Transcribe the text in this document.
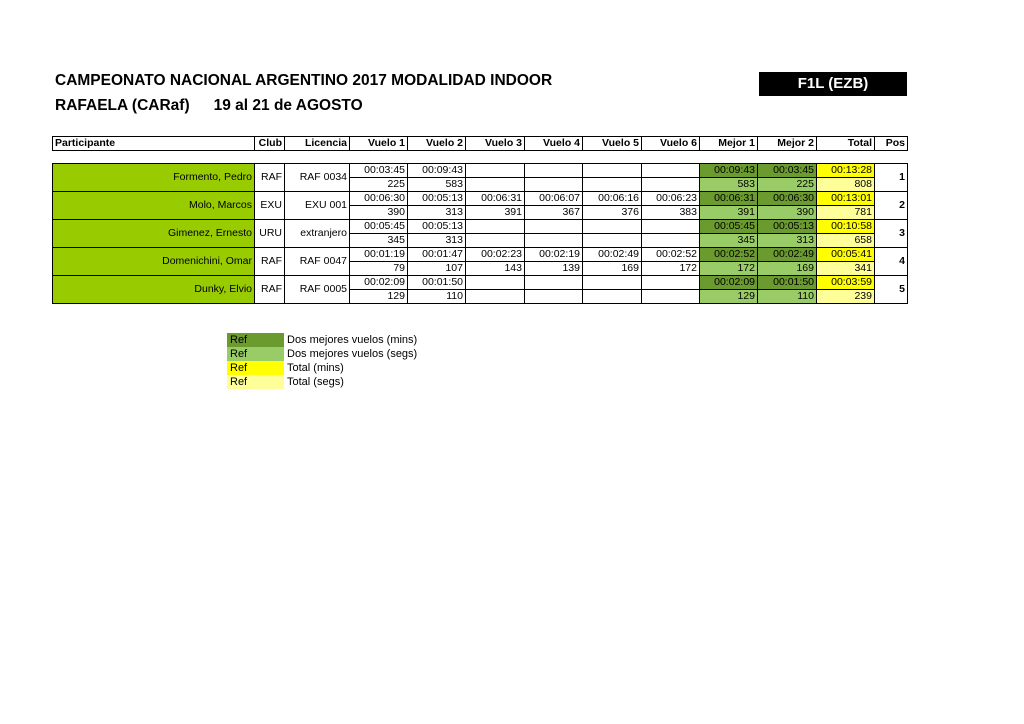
CAMPEONATO NACIONAL ARGENTINO 2017 MODALIDAD INDOOR
RAFAELA (CARaf) 19 al 21 de AGOSTO
F1L (EZB)
Participante	Club	Licencia	Vuelo 1	Vuelo 2	Vuelo 3	Vuelo 4	Vuelo 5	Vuelo 6	Mejor 1	Mejor 2	Total	Pos

Formento, Pedro	RAF	RAF 0034	00:03:45	00:09:43					00:09:43	00:03:45	00:13:28	1
			225	583					583	225	808	
Molo, Marcos	EXU	EXU 001	00:06:30	00:05:13	00:06:31	00:06:07	00:06:16	00:06:23	00:06:31	00:06:30	00:13:01	2
			390	313	391	367	376	383	391	390	781	
Gimenez, Ernesto	URU	extranjero	00:05:45	00:05:13					00:05:45	00:05:13	00:10:58	3
			345	313					345	313	658	
Domenichini, Omar	RAF	RAF 0047	00:01:19	00:01:47	00:02:23	00:02:19	00:02:49	00:02:52	00:02:52	00:02:49	00:05:41	4
			79	107	143	139	169	172	172	169	341	
Dunky, Elvio	RAF	RAF 0005	00:02:09	00:01:50					00:02:09	00:01:50	00:03:59	5
			129	110					129	110	239	
Ref	Dos mejores vuelos (mins)
Ref	Dos mejores vuelos (segs)
Ref	Total (mins)
Ref	Total (segs)
